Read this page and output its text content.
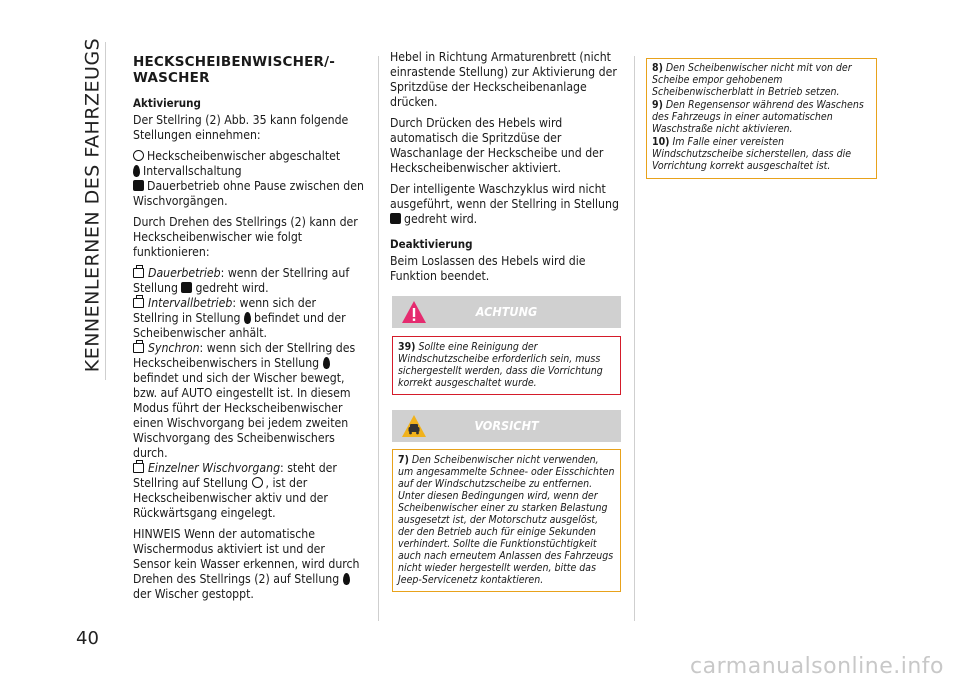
KENNENLERNEN DES FAHRZEUGS
40
HECKSCHEIBENWISCHER/-WASCHER
Aktivierung

Der Stellring (2) Abb. 35 kann folgende Stellungen einnehmen:

Heckscheibenwischer abgeschaltet
Intervallschaltung

Dauerbetrieb ohne Pause zwischen den Wischvorgängen.

Durch Drehen des Stellrings (2) kann der Heckscheibenwischer wie folgt funktionieren:

Dauerbetrieb: wenn der Stellring auf Stellung gedreht wird.
Intervallbetrieb: wenn sich der Stellring in Stellung befindet und der Scheibenwischer anhält.
Synchron: wenn sich der Stellring des Heckscheibenwischers in Stellung befindet und sich der Wischer bewegt, bzw. auf AUTO eingestellt ist. In diesem Modus führt der Heckscheibenwischer einen Wischvorgang bei jedem zweiten Wischvorgang des Scheibenwischers durch.

Einzelner Wischvorgang: steht der Stellring auf Stellung , ist der Heckscheibenwischer aktiv und der Rückwärtsgang eingelegt.

HINWEIS Wenn der automatische Wischermodus aktiviert ist und der Sensor kein Wasser erkennen, wird durch Drehen des Stellrings (2) auf Stellung der Wischer gestoppt.

Hebel in Richtung Armaturenbrett (nicht einrastende Stellung) zur Aktivierung der Spritzdüse der Heckscheibenanlage drücken.

Durch Drücken des Hebels wird automatisch die Spritzdüse der Waschanlage der Heckscheibe und der Heckscheibenwischer aktiviert.

Der intelligente Waschzyklus wird nicht ausgeführt, wenn der Stellring in Stellung gedreht wird.

Deaktivierung

Beim Loslassen des Hebels wird die Funktion beendet.

ACHTUNG
39) Sollte eine Reinigung der Windschutzscheibe erforderlich sein, muss sichergestellt werden, dass die Vorrichtung korrekt ausgeschaltet wurde.
VORSICHT
7) Den Scheibenwischer nicht verwenden, um angesammelte Schnee- oder Eisschichten auf der Windschutzscheibe zu entfernen. Unter diesen Bedingungen wird, wenn der Scheibenwischer einer zu starken Belastung ausgesetzt ist, der Motorschutz ausgelöst, der den Betrieb auch für einige Sekunden verhindert. Sollte die Funktionstüchtigkeit auch nach erneutem Anlassen des Fahrzeugs nicht wieder hergestellt werden, bitte das Jeep-Servicenetz kontaktieren.
8) Den Scheibenwischer nicht mit von der Scheibe empor gehobenem Scheibenwischerblatt in Betrieb setzen.
9) Den Regensensor während des Waschens des Fahrzeugs in einer automatischen Waschstraße nicht aktivieren.
10) Im Falle einer vereisten Windschutzscheibe sicherstellen, dass die Vorrichtung korrekt ausgeschaltet ist.
carmanualsonline.info
